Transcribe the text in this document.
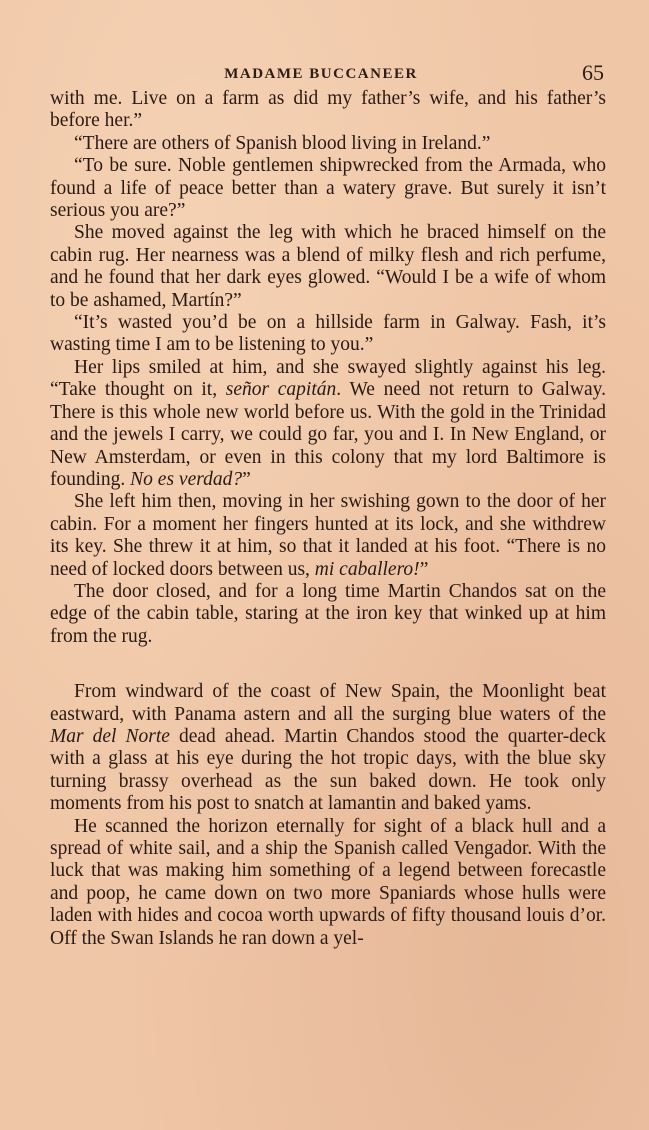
MADAME BUCCANEER	65

with me. Live on a farm as did my father’s wife, and his father’s before her.”

“There are others of Spanish blood living in Ireland.”

“To be sure. Noble gentlemen shipwrecked from the Armada, who found a life of peace better than a watery grave. But surely it isn’t serious you are?”

She moved against the leg with which he braced himself on the cabin rug. Her nearness was a blend of milky flesh and rich perfume, and he found that her dark eyes glowed. “Would I be a wife of whom to be ashamed, Martín?”

“It’s wasted you’d be on a hillside farm in Galway. Fash, it’s wasting time I am to be listening to you.”

Her lips smiled at him, and she swayed slightly against his leg. “Take thought on it, señor capitán. We need not return to Galway. There is this whole new world before us. With the gold in the Trinidad and the jewels I carry, we could go far, you and I. In New England, or New Amsterdam, or even in this colony that my lord Baltimore is founding. No es verdad?”

She left him then, moving in her swishing gown to the door of her cabin. For a moment her fingers hunted at its lock, and she withdrew its key. She threw it at him, so that it landed at his foot. “There is no need of locked doors between us, mi caballero!”

The door closed, and for a long time Martin Chandos sat on the edge of the cabin table, staring at the iron key that winked up at him from the rug.

From windward of the coast of New Spain, the Moonlight beat eastward, with Panama astern and all the surging blue waters of the Mar del Norte dead ahead. Martin Chandos stood the quarter-deck with a glass at his eye during the hot tropic days, with the blue sky turning brassy overhead as the sun baked down. He took only moments from his post to snatch at lamantin and baked yams.

He scanned the horizon eternally for sight of a black hull and a spread of white sail, and a ship the Spanish called Vengador. With the luck that was making him something of a legend between forecastle and poop, he came down on two more Spaniards whose hulls were laden with hides and cocoa worth upwards of fifty thousand louis d’or. Off the Swan Islands he ran down a yel-
